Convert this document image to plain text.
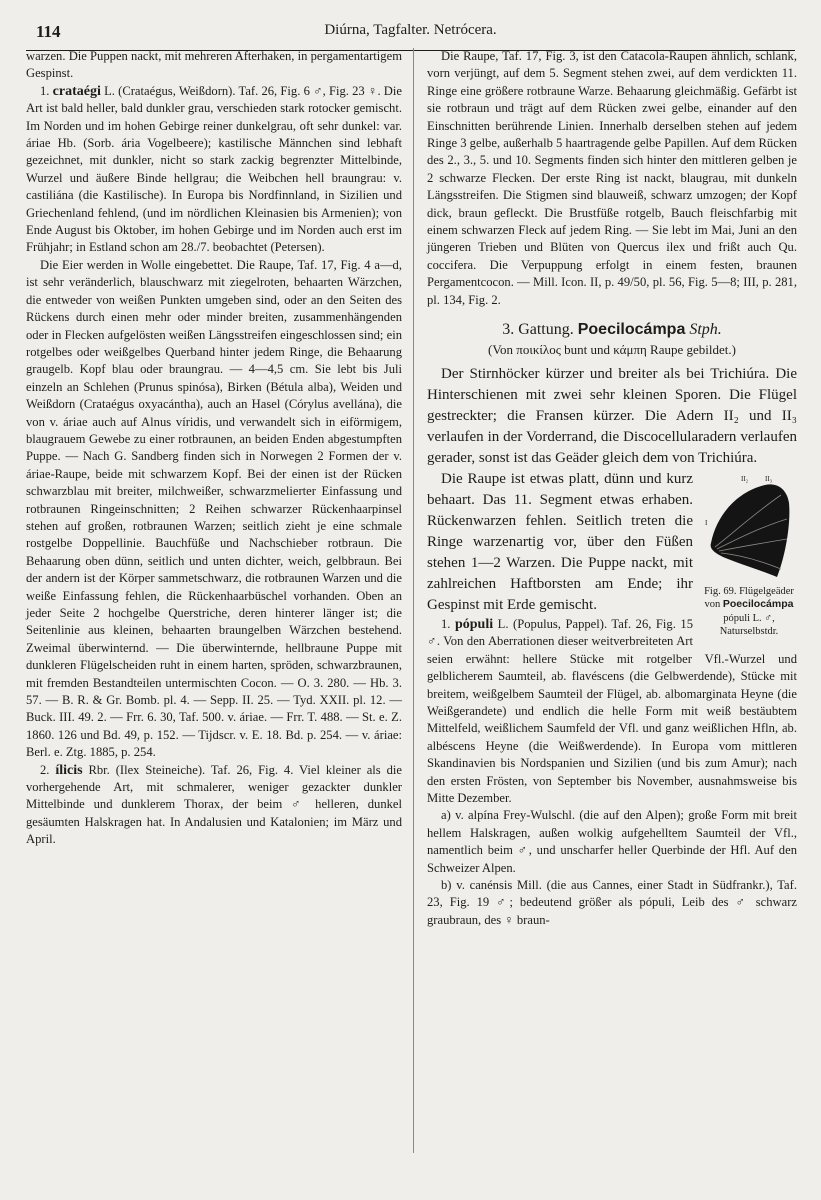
114	Diúrna, Tagfalter. Netrócera.

warzen. Die Puppen nackt, mit mehreren Afterhaken, in pergamentartigem Gespinst.

1. crataégi L. (Crataégus, Weißdorn). Taf. 26, Fig. 6 ♂, Fig. 23 ♀. Die Art ist bald heller, bald dunkler grau, verschieden stark rotocker gemischt. Im Norden und im hohen Gebirge reiner dunkelgrau, oft sehr dunkel: var. áriae Hb. (Sorb. ária Vogelbeere); kastilische Männchen sind lebhaft gezeichnet, mit dunkler, nicht so stark zackig begrenzter Mittelbinde, Wurzel und äußere Binde hellgrau; die Weibchen hell braungrau: v. castiliána (die Kastilische). In Europa bis Nordfinnland, in Sizilien und Griechenland fehlend, (und im nördlichen Kleinasien bis Armenien); von Ende August bis Oktober, im hohen Gebirge und im Norden auch erst im Frühjahr; in Estland schon am 28./7. beobachtet (Petersen).

Die Eier werden in Wolle eingebettet. Die Raupe, Taf. 17, Fig. 4 a—d, ist sehr veränderlich, blauschwarz mit ziegelroten, behaarten Wärzchen, die entweder von weißen Punkten umgeben sind, oder an den Seiten des Rückens durch einen mehr oder minder breiten, zusammenhängenden oder in Flecken aufgelösten weißen Längsstreifen eingeschlossen sind; ein rotgelbes oder weißgelbes Querband hinter jedem Ringe, die Behaarung graugelb. Kopf blau oder braungrau. — 4—4,5 cm. Sie lebt bis Juli einzeln an Schlehen (Prunus spinósa), Birken (Bétula alba), Weiden und Weißdorn (Crataégus oxyacántha), auch an Hasel (Córylus avellána), die von v. áriae auch auf Alnus víridis, und verwandelt sich in eiförmigem, blaugrauem Gewebe zu einer rotbraunen, an beiden Enden abgestumpften Puppe. — Nach G. Sandberg finden sich in Norwegen 2 Formen der v. áriae-Raupe, beide mit schwarzem Kopf. Bei der einen ist der Rücken schwarzblau mit breiter, milchweißer, schwarzmelierter Einfassung und rotbraunen Ringeinschnitten; 2 Reihen schwarzer Rückenhaarpinsel stehen auf großen, rotbraunen Warzen; seitlich zieht je eine schmale rostgelbe Doppellinie. Bauchfüße und Nachschieber rotbraun. Die Behaarung oben dünn, seitlich und unten dichter, weich, gelbbraun. Bei der andern ist der Körper sammetschwarz, die rotbraunen Warzen und die weiße Einfassung fehlen, die Rückenhaarbüschel vorhanden. Oben an jeder Seite 2 hochgelbe Querstriche, deren hinterer länger ist; die Seitenlinie aus kleinen, behaarten braungelben Wärzchen bestehend. Zweimal überwinternd. — Die überwinternde, hellbraune Puppe mit dunkleren Flügelscheiden ruht in einem harten, spröden, schwarzbraunen, mit fremden Bestandteilen untermischten Cocon. — O. 3. 280. — Hb. 3. 57. — B. R. & Gr. Bomb. pl. 4. — Sepp. II. 25. — Tyd. XXII. pl. 12. — Buck. III. 49. 2. — Frr. 6. 30, Taf. 500. v. áriae. — Frr. T. 488. — St. e. Z. 1860. 126 und Bd. 49, p. 152. — Tijdscr. v. E. 18. Bd. p. 254. — v. áriae: Berl. e. Ztg. 1885, p. 254.

2. ílicis Rbr. (Ilex Steineiche). Taf. 26, Fig. 4. Viel kleiner als die vorhergehende Art, mit schmalerer, weniger gezackter dunkler Mittelbinde und dunklerem Thorax, der beim ♂ helleren, dunkel gesäumten Halskragen hat. In Andalusien und Katalonien; im März und April.

Die Raupe, Taf. 17, Fig. 3, ist den Catacola-Raupen ähnlich, schlank, vorn verjüngt, auf dem 5. Segment stehen zwei, auf dem verdickten 11. Ringe eine größere rotbraune Warze. Behaarung gleichmäßig. Gefärbt ist sie rotbraun und trägt auf dem Rücken zwei gelbe, einander auf den Einschnitten berührende Linien. Innerhalb derselben stehen auf jedem Ringe 3 gelbe, außerhalb 5 haartragende gelbe Papillen. Auf dem Rücken des 2., 3., 5. und 10. Segments finden sich hinter den mittleren gelben je 2 schwarze Flecken. Der erste Ring ist nackt, blaugrau, mit dunkeln Längsstreifen. Die Stigmen sind blauweiß, schwarz umzogen; der Kopf dick, braun gefleckt. Die Brustfüße rotgelb, Bauch fleischfarbig mit einem schwarzen Fleck auf jedem Ring. — Sie lebt im Mai, Juni an den jüngeren Trieben und Blüten von Quercus ilex und frißt auch Qu. coccifera. Die Verpuppung erfolgt in einem festen, braunen Pergamentcocon. — Mill. Icon. II, p. 49/50, pl. 56, Fig. 5—8; III, p. 281, pl. 134, Fig. 2.

3. Gattung. Poecilocámpa Stph.
(Von ποικίλος bunt und κάμπη Raupe gebildet.)

Der Stirnhöcker kürzer und breiter als bei Trichiúra. Die Hinterschienen mit zwei sehr kleinen Sporen. Die Flügel gestreckter; die Fransen kürzer. Die Adern II₂ und II₃ verlaufen in der Vorderrand, die Discocellularadern verlaufen gerader, sonst ist das Geäder gleich dem von Trichiúra.

I
II₂ II₃
Fig. 69. Flügelgeäder von Poecilocámpa pópuli L. ♂, Naturselbstdr.

Die Raupe ist etwas platt, dünn und kurz behaart. Das 11. Segment etwas erhaben. Rückenwarzen fehlen. Seitlich treten die Ringe warzenartig vor, über den Füßen stehen 1—2 Warzen. Die Puppe nackt, mit zahlreichen Haftborsten am Ende; ihr Gespinst mit Erde gemischt.

1. pópuli L. (Populus, Pappel). Taf. 26, Fig. 15 ♂. Von den Aberrationen dieser weitverbreiteten Art seien erwähnt: hellere Stücke mit rotgelber Vfl.-Wurzel und gelblicherem Saumteil, ab. flavéscens (die Gelbwerdende), Stücke mit breitem, weißgelbem Saumteil der Flügel, ab. albomarginata Heyne (die Weißgerandete) und endlich die helle Form mit weiß bestäubtem Mittelfeld, weißlichem Saumfeld der Vfl. und ganz weißlichen Hfln, ab. albéscens Heyne (die Weißwerdende). In Europa vom mittleren Skandinavien bis Nordspanien und Sizilien (und bis zum Amur); nach den ersten Frösten, von September bis November, ausnahmsweise bis Mitte Dezember.

a) v. alpína Frey-Wulschl. (die auf den Alpen); große Form mit breit hellem Halskragen, außen wolkig aufgehelltem Saumteil der Vfl., namentlich beim ♂, und unscharfer heller Querbinde der Hfl. Auf den Schweizer Alpen.

b) v. canénsis Mill. (die aus Cannes, einer Stadt in Südfrankr.), Taf. 23, Fig. 19 ♂; bedeutend größer als pópuli, Leib des ♂ schwarz graubraun, des ♀ braun-
